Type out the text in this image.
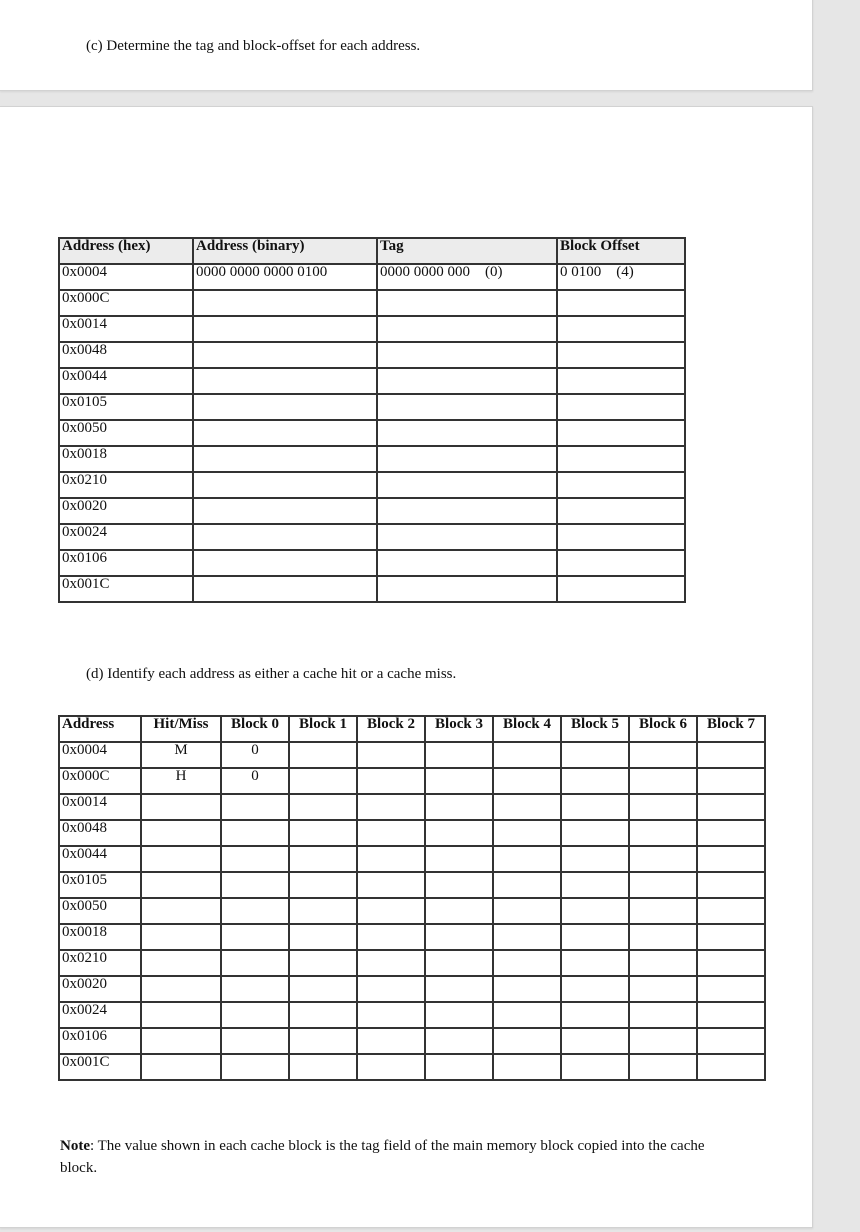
(c) Determine the tag and block-offset for each address.

Address (hex)	Address (binary)	Tag	Block Offset
0x0004	0000 0000 0000 0100	0000 0000 000    (0)	0 0100    (4)
0x000C			
0x0014			
0x0048			
0x0044			
0x0105			
0x0050			
0x0018			
0x0210			
0x0020			
0x0024			
0x0106			
0x001C			

(d) Identify each address as either a cache hit or a cache miss.

Address	Hit/Miss	Block 0	Block 1	Block 2	Block 3	Block 4	Block 5	Block 6	Block 7
0x0004	M	0							
0x000C	H	0							
0x0014									
0x0048									
0x0044									
0x0105									
0x0050									
0x0018									
0x0210									
0x0020									
0x0024									
0x0106									
0x001C									

Note: The value shown in each cache block is the tag field of the main memory block copied into the cache block.
